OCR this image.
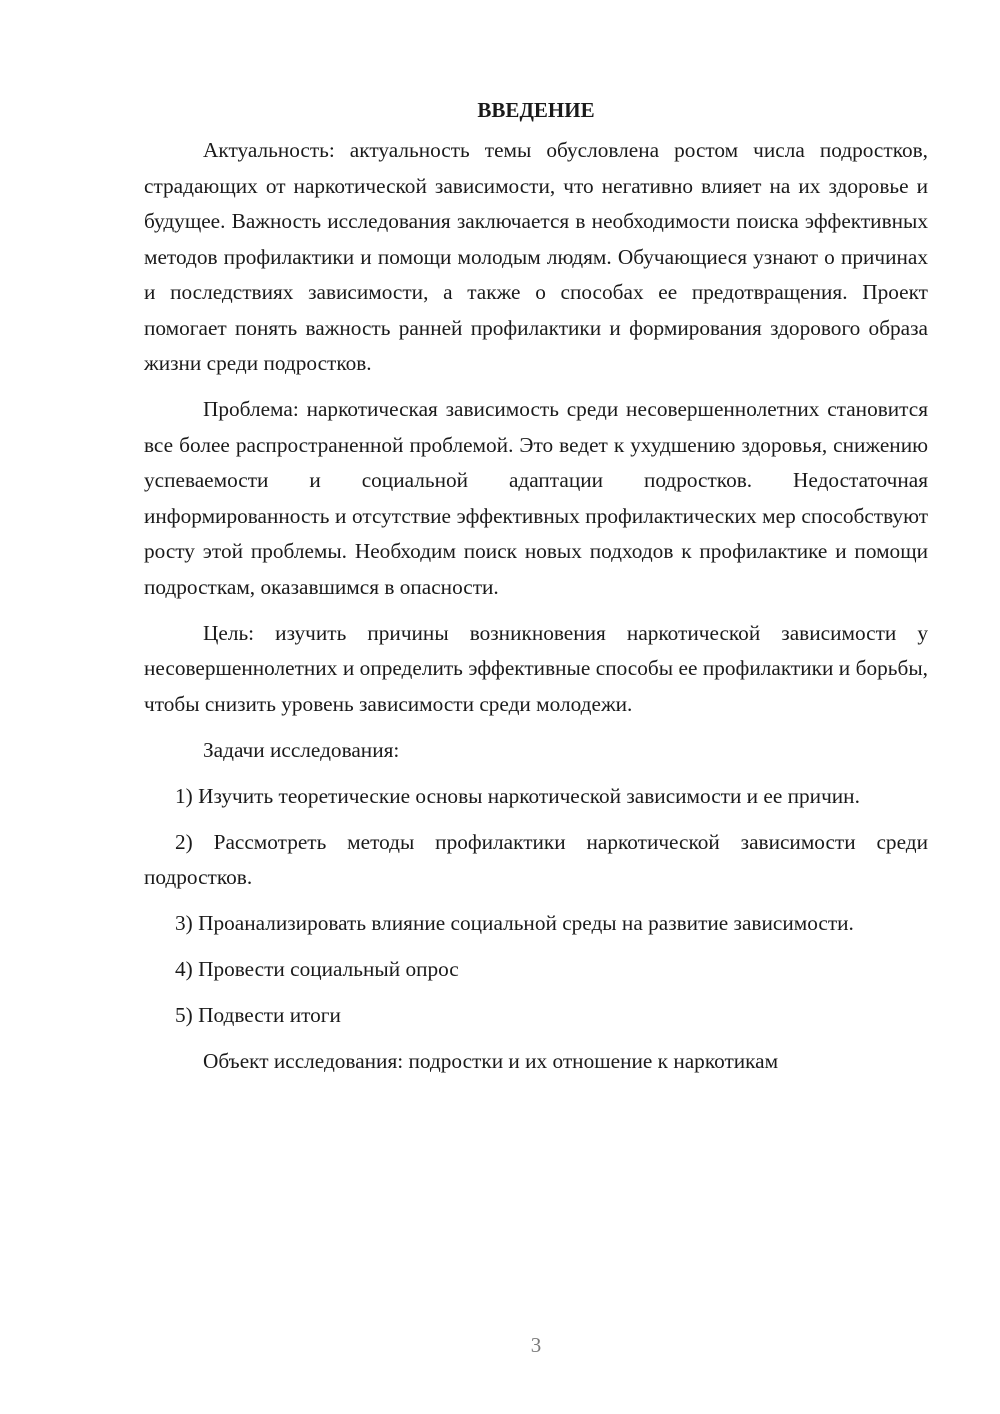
ВВЕДЕНИЕ

Актуальность: актуальность темы обусловлена ростом числа подростков, страдающих от наркотической зависимости, что негативно влияет на их здоровье и будущее. Важность исследования заключается в необходимости поиска эффективных методов профилактики и помощи молодым людям. Обучающиеся узнают о причинах и последствиях зависимости, а также о способах ее предотвращения. Проект помогает понять важность ранней профилактики и формирования здорового образа жизни среди подростков.

Проблема: наркотическая зависимость среди несовершеннолетних становится все более распространенной проблемой. Это ведет к ухудшению здоровья, снижению успеваемости и социальной адаптации подростков. Недостаточная информированность и отсутствие эффективных профилактических мер способствуют росту этой проблемы. Необходим поиск новых подходов к профилактике и помощи подросткам, оказавшимся в опасности.

Цель: изучить причины возникновения наркотической зависимости у несовершеннолетних и определить эффективные способы ее профилактики и борьбы, чтобы снизить уровень зависимости среди молодежи.

Задачи исследования:

1) Изучить теоретические основы наркотической зависимости и ее причин.

2) Рассмотреть методы профилактики наркотической зависимости среди подростков.

3) Проанализировать влияние социальной среды на развитие зависимости.

4) Провести социальный опрос

5) Подвести итоги

Объект исследования: подростки и их отношение к наркотикам

3
